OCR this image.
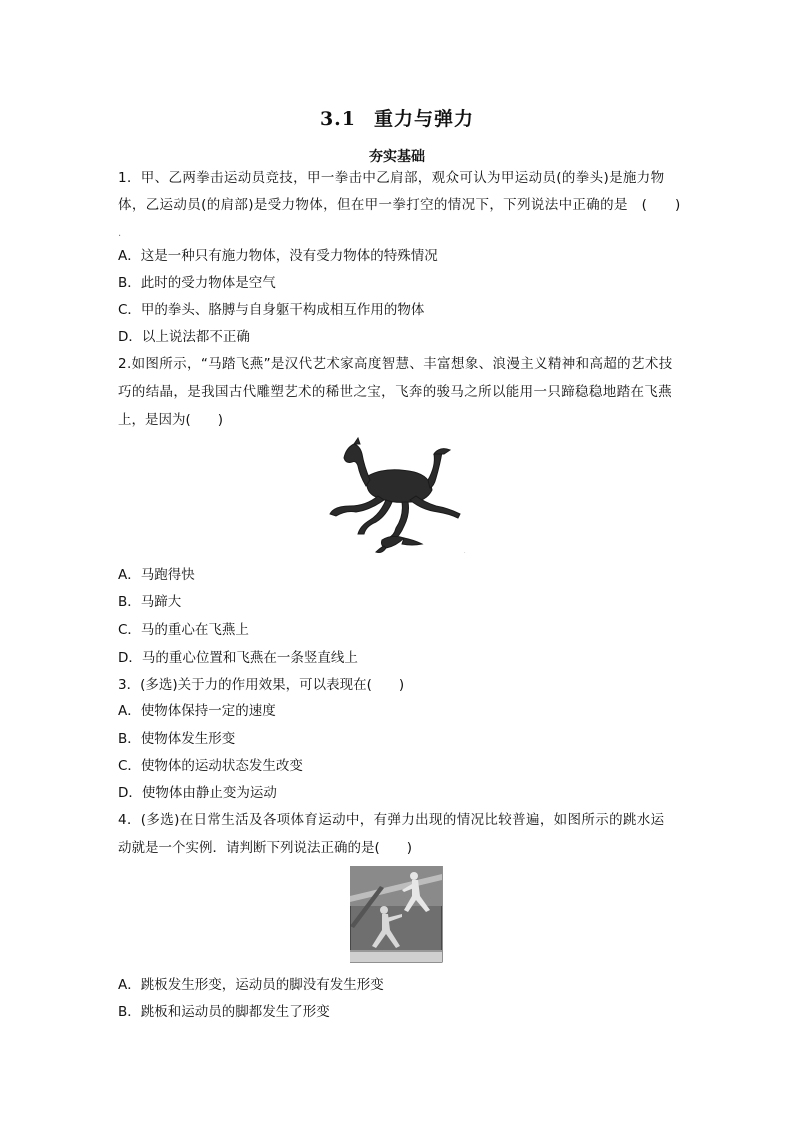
3.1 重力与弹力
夯实基础
1．甲、乙两拳击运动员竞技，甲一拳击中乙肩部，观众可认为甲运动员(的拳头)是施力物
体，乙运动员(的肩部)是受力物体，但在甲一拳打空的情况下，下列说法中正确的是　(　　)
.
A．这是一种只有施力物体，没有受力物体的特殊情况
B．此时的受力物体是空气
C．甲的拳头、胳膊与自身躯干构成相互作用的物体
D．以上说法都不正确
2.如图所示，“马踏飞燕”是汉代艺术家高度智慧、丰富想象、浪漫主义精神和高超的艺术技
巧的结晶，是我国古代雕塑艺术的稀世之宝，飞奔的骏马之所以能用一只蹄稳稳地踏在飞燕
上，是因为(　　)
.
A．马跑得快
B．马蹄大
C．马的重心在飞燕上
D．马的重心位置和飞燕在一条竖直线上
3．(多选)关于力的作用效果，可以表现在(　　)
A．使物体保持一定的速度
B．使物体发生形变
C．使物体的运动状态发生改变
D．使物体由静止变为运动
4．(多选)在日常生活及各项体育运动中，有弹力出现的情况比较普遍，如图所示的跳水运
动就是一个实例．请判断下列说法正确的是(　　)
A．跳板发生形变，运动员的脚没有发生形变
B．跳板和运动员的脚都发生了形变
